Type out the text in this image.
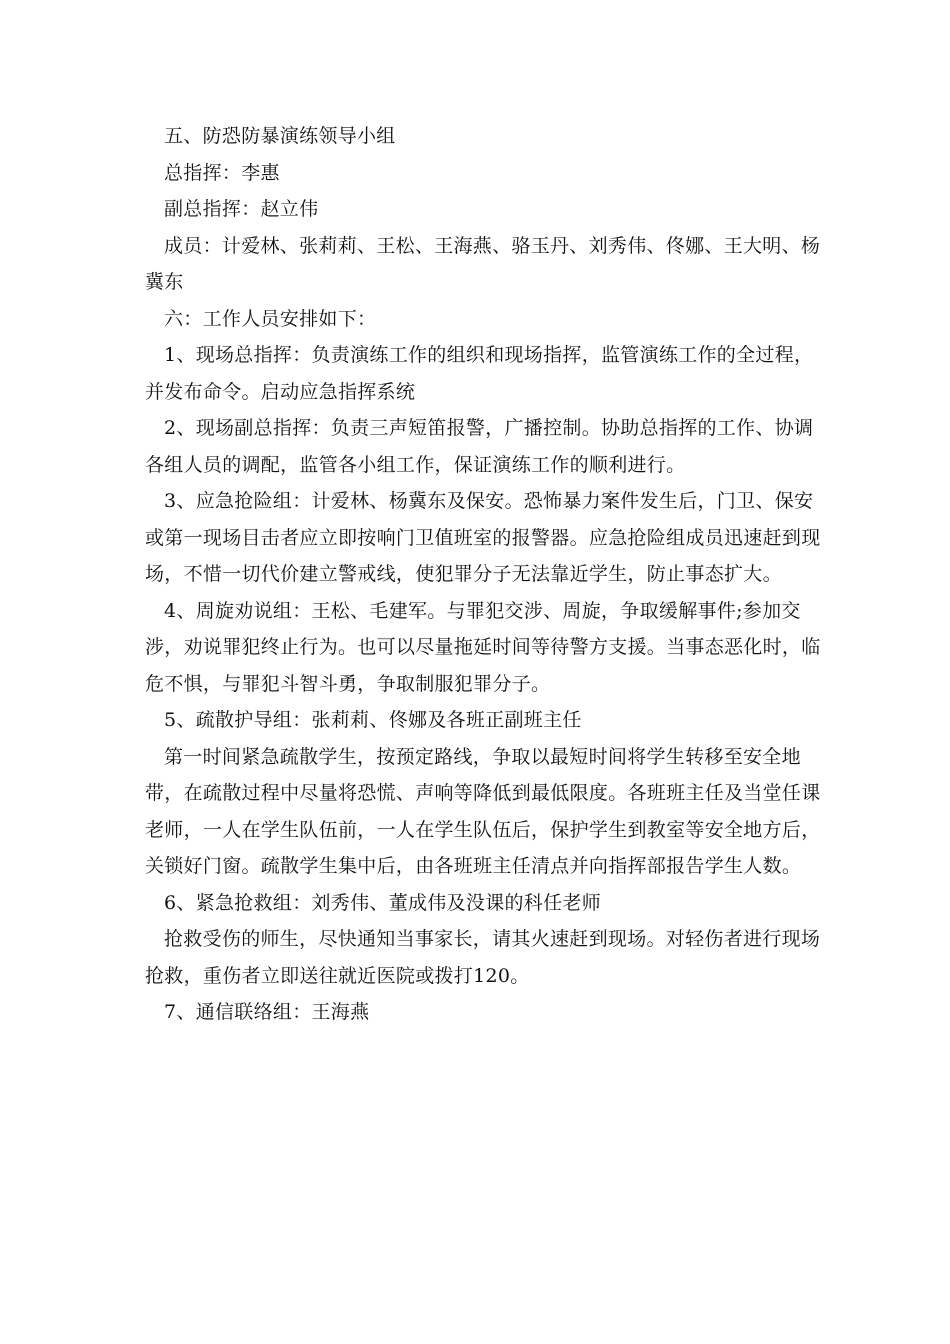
五、防恐防暴演练领导小组

总指挥：李惠

副总指挥：赵立伟

成员：计爱林、张莉莉、王松、王海燕、骆玉丹、刘秀伟、佟娜、王大明、杨冀东

六：工作人员安排如下：

1、现场总指挥：负责演练工作的组织和现场指挥，监管演练工作的全过程，并发布命令。启动应急指挥系统

2、现场副总指挥：负责三声短笛报警，广播控制。协助总指挥的工作、协调各组人员的调配，监管各小组工作，保证演练工作的顺利进行。

3、应急抢险组：计爱林、杨冀东及保安。恐怖暴力案件发生后，门卫、保安或第一现场目击者应立即按响门卫值班室的报警器。应急抢险组成员迅速赶到现场，不惜一切代价建立警戒线，使犯罪分子无法靠近学生，防止事态扩大。

4、周旋劝说组：王松、毛建军。与罪犯交涉、周旋，争取缓解事件;参加交涉，劝说罪犯终止行为。也可以尽量拖延时间等待警方支援。当事态恶化时，临危不惧，与罪犯斗智斗勇，争取制服犯罪分子。

5、疏散护导组：张莉莉、佟娜及各班正副班主任

第一时间紧急疏散学生，按预定路线，争取以最短时间将学生转移至安全地带，在疏散过程中尽量将恐慌、声响等降低到最低限度。各班班主任及当堂任课老师，一人在学生队伍前，一人在学生队伍后，保护学生到教室等安全地方后，关锁好门窗。疏散学生集中后，由各班班主任清点并向指挥部报告学生人数。

6、紧急抢救组：刘秀伟、董成伟及没课的科任老师

抢救受伤的师生，尽快通知当事家长，请其火速赶到现场。对轻伤者进行现场抢救，重伤者立即送往就近医院或拨打120。

7、通信联络组：王海燕
